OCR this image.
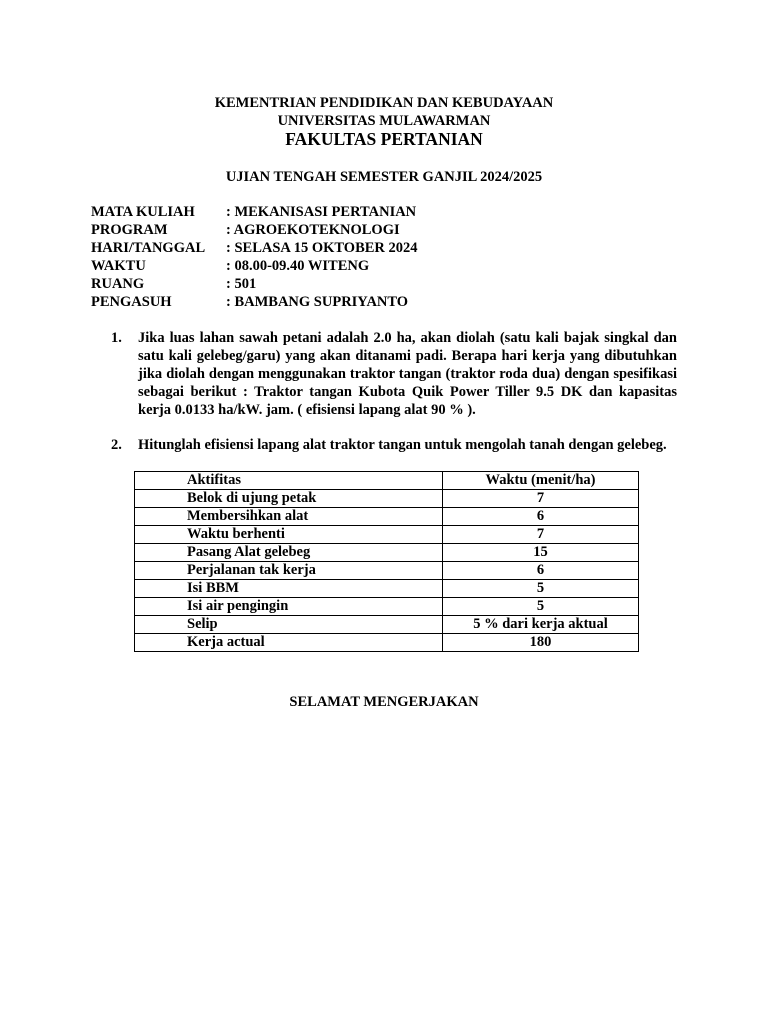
KEMENTRIAN PENDIDIKAN DAN KEBUDAYAAN
UNIVERSITAS MULAWARMAN
FAKULTAS PERTANIAN
UJIAN TENGAH SEMESTER GANJIL 2024/2025
MATA KULIAH : MEKANISASI PERTANIAN
PROGRAM	: AGROEKOTEKNOLOGI
HARI/TANGGAL : SELASA 15 OKTOBER 2024
WAKTU	: 08.00-09.40 WITENG
RUANG	: 501
PENGASUH	: BAMBANG SUPRIYANTO
1.	Jika luas lahan sawah petani adalah 2.0 ha, akan diolah (satu kali bajak singkal dan satu kali gelebeg/garu) yang akan ditanami padi. Berapa hari kerja yang dibutuhkan jika diolah dengan menggunakan traktor tangan (traktor roda dua) dengan spesifikasi sebagai berikut : Traktor tangan Kubota Quik Power Tiller 9.5 DK dan kapasitas kerja 0.0133 ha/kW. jam. ( efisiensi lapang alat 90 % ).
2.	Hitunglah efisiensi lapang alat traktor tangan untuk mengolah tanah dengan gelebeg.
Aktifitas	Waktu (menit/ha)
Belok di ujung petak	7
Membersihkan alat	6
Waktu berhenti	7
Pasang Alat gelebeg	15
Perjalanan tak kerja	6
Isi BBM	5
Isi air pengingin	5
Selip	5 % dari kerja aktual
Kerja actual	180
SELAMAT MENGERJAKAN
